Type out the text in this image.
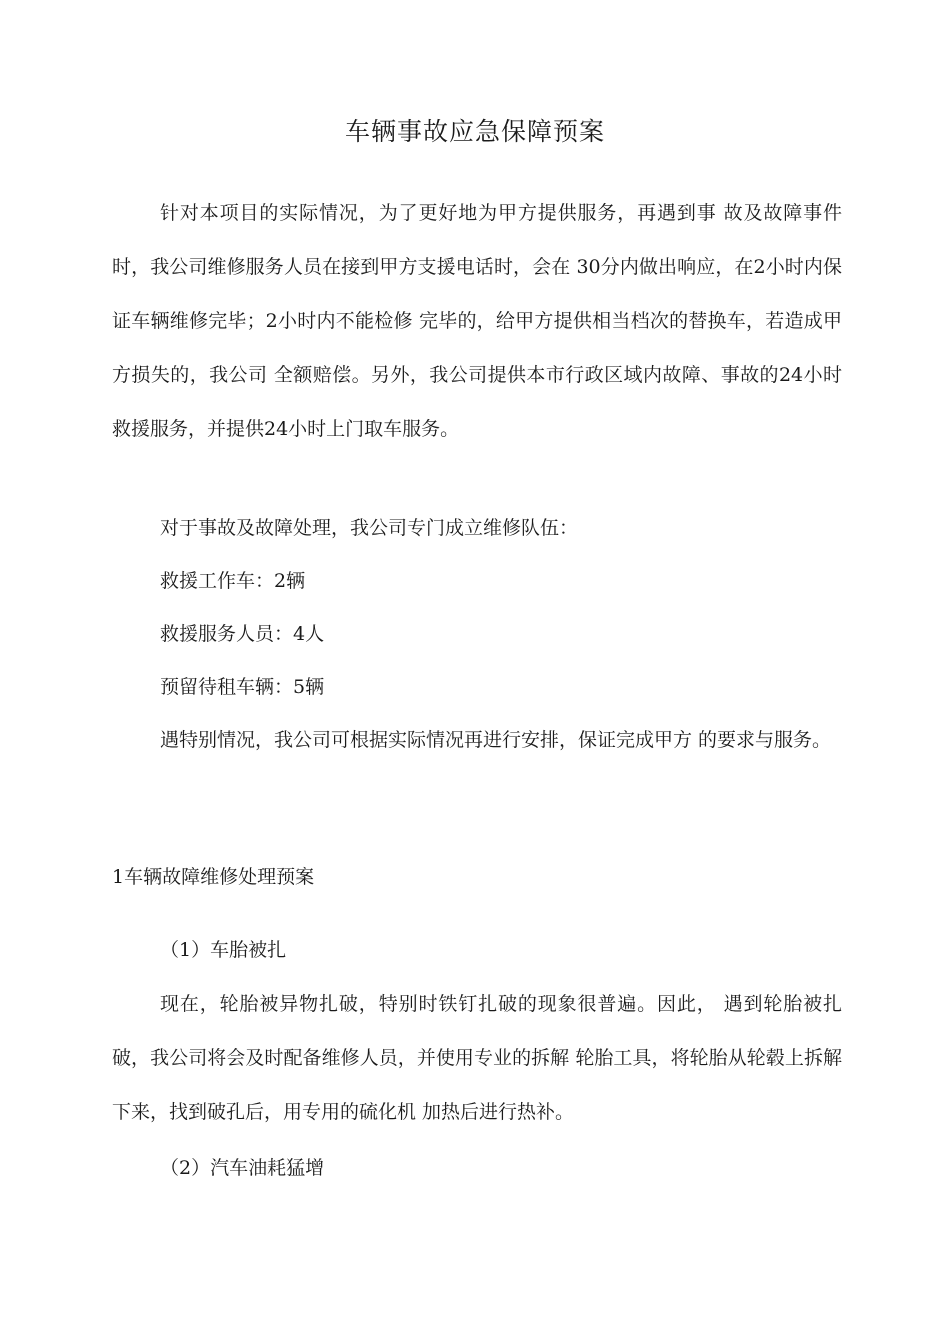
车辆事故应急保障预案

针对本项目的实际情况，为了更好地为甲方提供服务，再遇到事 故及故障事件时，我公司维修服务人员在接到甲方支援电话时，会在 30分内做出响应，在2小时内保证车辆维修完毕；2小时内不能检修 完毕的，给甲方提供相当档次的替换车，若造成甲方损失的，我公司 全额赔偿。另外，我公司提供本市行政区域内故障、事故的24小时 救援服务，并提供24小时上门取车服务。

对于事故及故障处理，我公司专门成立维修队伍：
救援工作车：2辆
救援服务人员：4人
预留待租车辆：5辆

遇特别情况，我公司可根据实际情况再进行安排，保证完成甲方 的要求与服务。

1车辆故障维修处理预案
（1）车胎被扎

现在，轮胎被异物扎破，特别时铁钉扎破的现象很普遍。因此， 遇到轮胎被扎破，我公司将会及时配备维修人员，并使用专业的拆解 轮胎工具，将轮胎从轮毂上拆解下来，找到破孔后，用专用的硫化机 加热后进行热补。

（2）汽车油耗猛增
